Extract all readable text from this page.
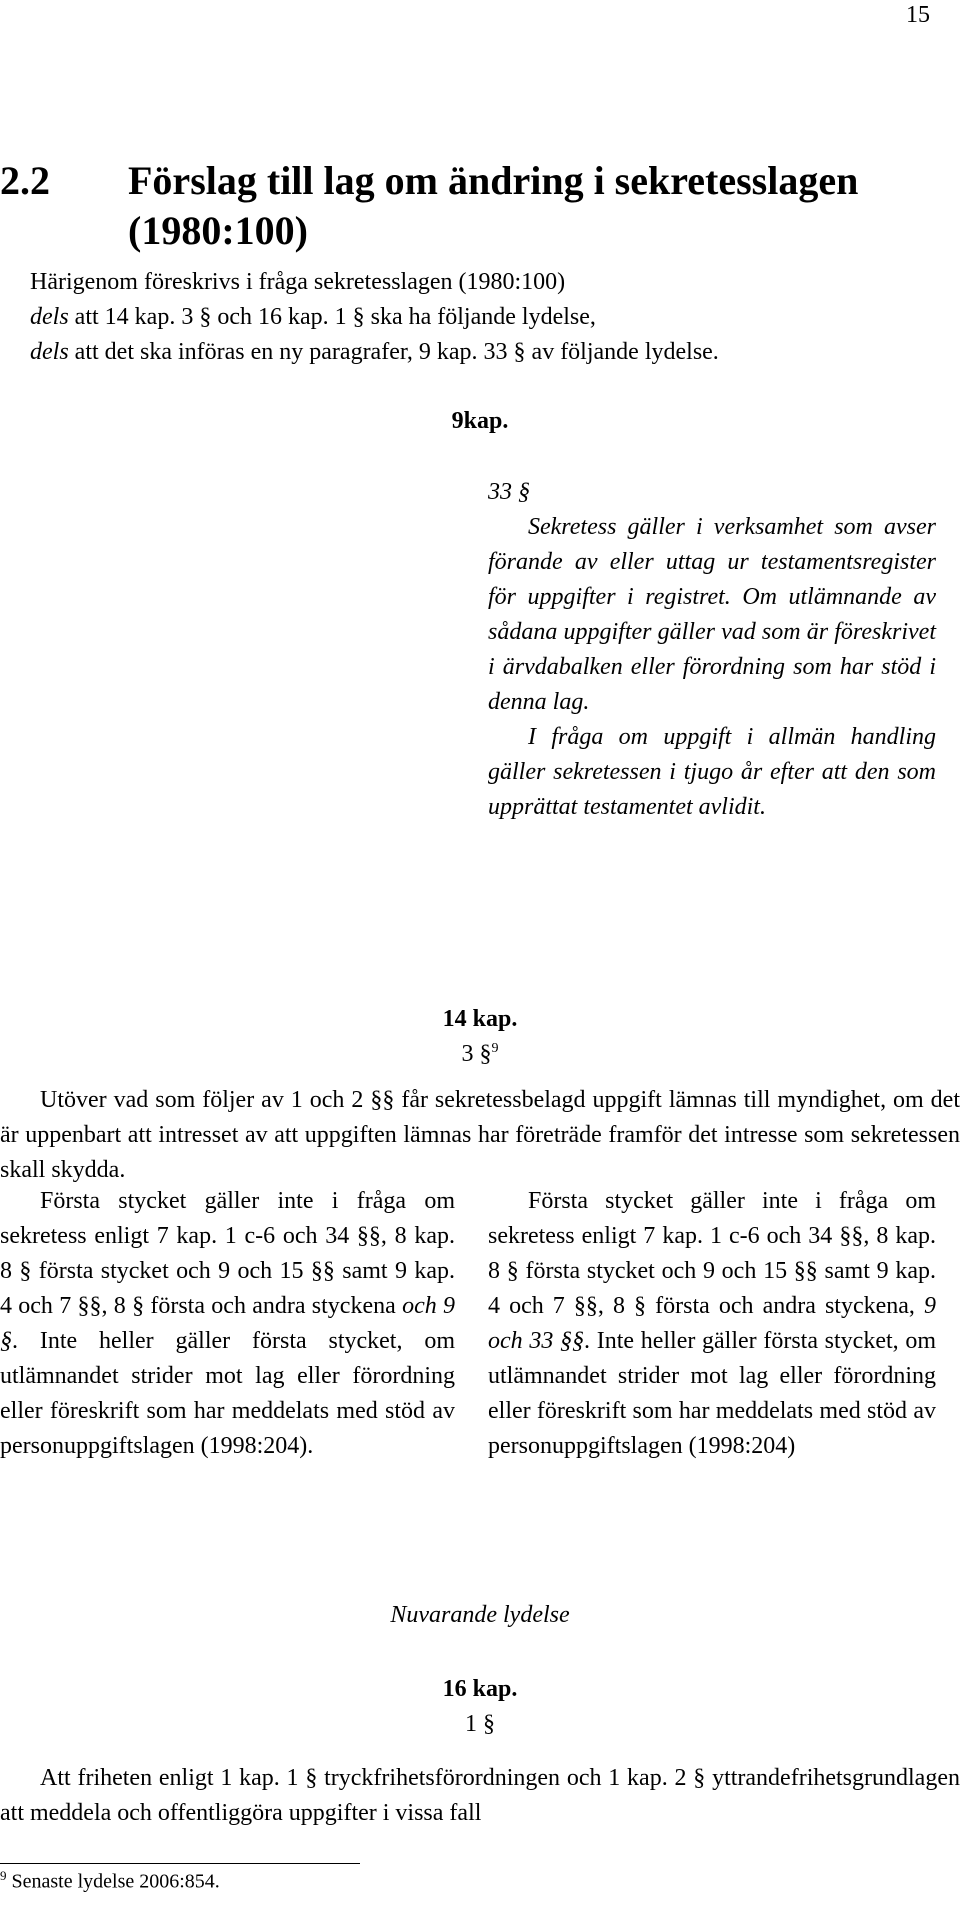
15
2.2 Förslag till lag om ändring i sekretesslagen (1980:100)
Härigenom föreskrivs i fråga sekretesslagen (1980:100)
dels att 14 kap. 3 § och 16 kap. 1 § ska ha följande lydelse,
dels att det ska införas en ny paragrafer, 9 kap. 33 § av följande lydelse.
9kap.

33 §

Sekretess gäller i verksamhet som avser förande av eller uttag ur testamentsregister för uppgifter i registret. Om utlämnande av sådana uppgifter gäller vad som är föreskrivet i ärvdabalken eller förordning som har stöd i denna lag.

I fråga om uppgift i allmän handling gäller sekretessen i tjugo år efter att den som upprättat testamentet avlidit.

14 kap.
3 §$^9$
Utöver vad som följer av 1 och 2 §§ får sekretessbelagd uppgift lämnas till myndighet, om det är uppenbart att intresset av att uppgiften lämnas har företräde framför det intresse som sekretessen skall skydda.
Första stycket gäller inte i fråga om sekretess enligt 7 kap. 1 c-6 och 34 §§, 8 kap. 8 § första stycket och 9 och 15 §§ samt 9 kap. 4 och 7 §§, 8 § första och andra styckena och 9 §. Inte heller gäller första stycket, om utlämnandet strider mot lag eller förordning eller föreskrift som har meddelats med stöd av personuppgiftslagen (1998:204).
Första stycket gäller inte i fråga om sekretess enligt 7 kap. 1 c-6 och 34 §§, 8 kap. 8 § första stycket och 9 och 15 §§ samt 9 kap. 4 och 7 §§, 8 § första och andra styckena, 9 och 33 §§. Inte heller gäller första stycket, om utlämnandet strider mot lag eller förordning eller föreskrift som har meddelats med stöd av personuppgiftslagen (1998:204)
Nuvarande lydelse
16 kap.
1 §
Att friheten enligt 1 kap. 1 § tryckfrihetsförordningen och 1 kap. 2 § yttrandefrihetsgrundlagen att meddela och offentliggöra uppgifter i vissa fall
$^9$ Senaste lydelse 2006:854.
